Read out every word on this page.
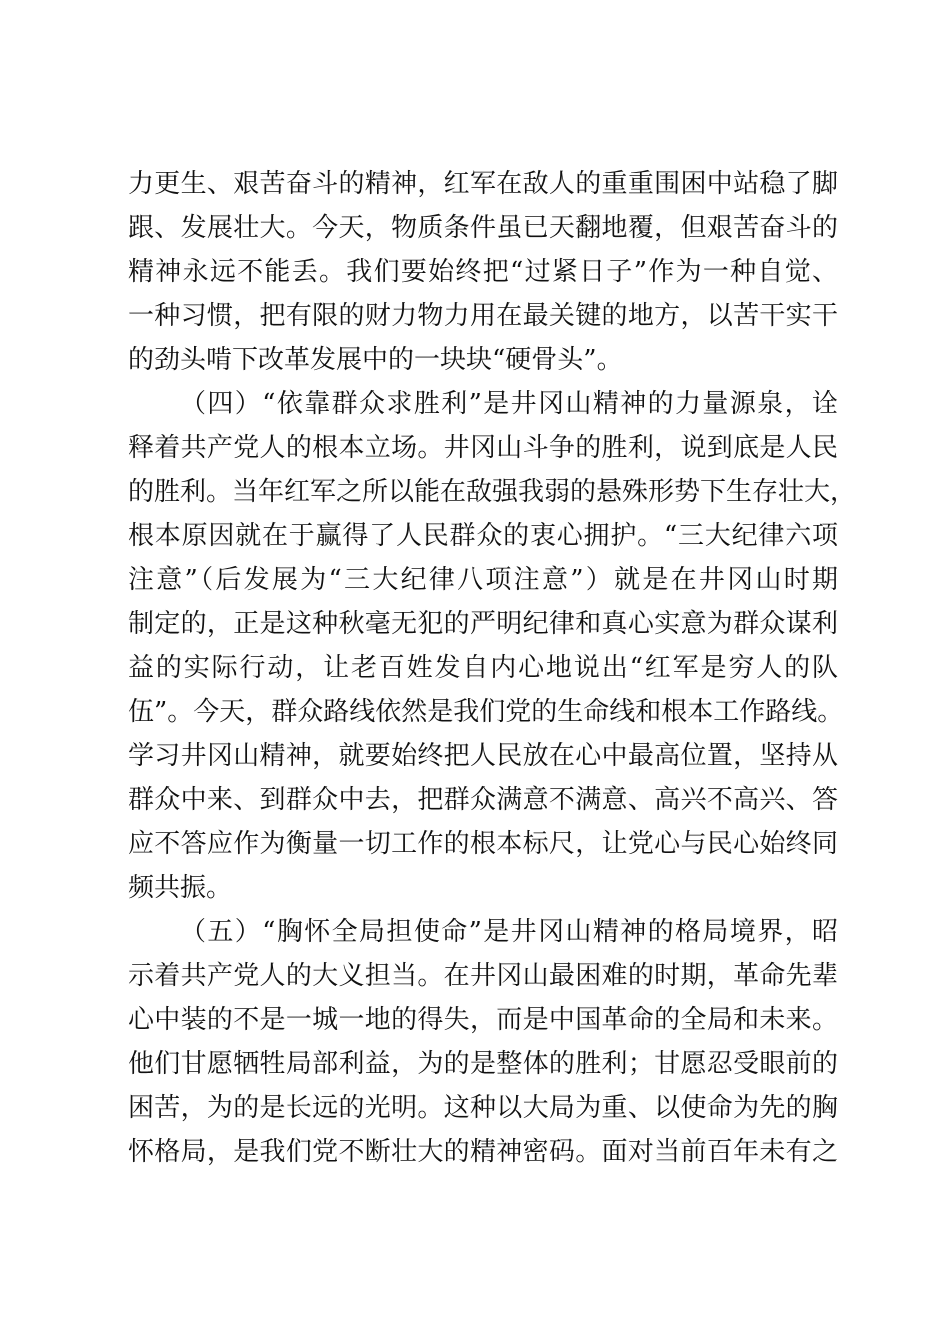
力更生、艰苦奋斗的精神，红军在敌人的重重围困中站稳了脚
跟、发展壮大。今天，物质条件虽已天翻地覆，但艰苦奋斗的
精神永远不能丢。我们要始终把“过紧日子”作为一种自觉、
一种习惯，把有限的财力物力用在最关键的地方，以苦干实干
的劲头啃下改革发展中的一块块“硬骨头”。
（四）“依靠群众求胜利”是井冈山精神的力量源泉，诠
释着共产党人的根本立场。井冈山斗争的胜利，说到底是人民
的胜利。当年红军之所以能在敌强我弱的悬殊形势下生存壮大，
根本原因就在于赢得了人民群众的衷心拥护。“三大纪律六项
注意”（后发展为“三大纪律八项注意”）就是在井冈山时期
制定的，正是这种秋毫无犯的严明纪律和真心实意为群众谋利
益的实际行动，让老百姓发自内心地说出“红军是穷人的队
伍”。今天，群众路线依然是我们党的生命线和根本工作路线。
学习井冈山精神，就要始终把人民放在心中最高位置，坚持从
群众中来、到群众中去，把群众满意不满意、高兴不高兴、答
应不答应作为衡量一切工作的根本标尺，让党心与民心始终同
频共振。
（五）“胸怀全局担使命”是井冈山精神的格局境界，昭
示着共产党人的大义担当。在井冈山最困难的时期，革命先辈
心中装的不是一城一地的得失，而是中国革命的全局和未来。
他们甘愿牺牲局部利益，为的是整体的胜利；甘愿忍受眼前的
困苦，为的是长远的光明。这种以大局为重、以使命为先的胸
怀格局，是我们党不断壮大的精神密码。面对当前百年未有之
